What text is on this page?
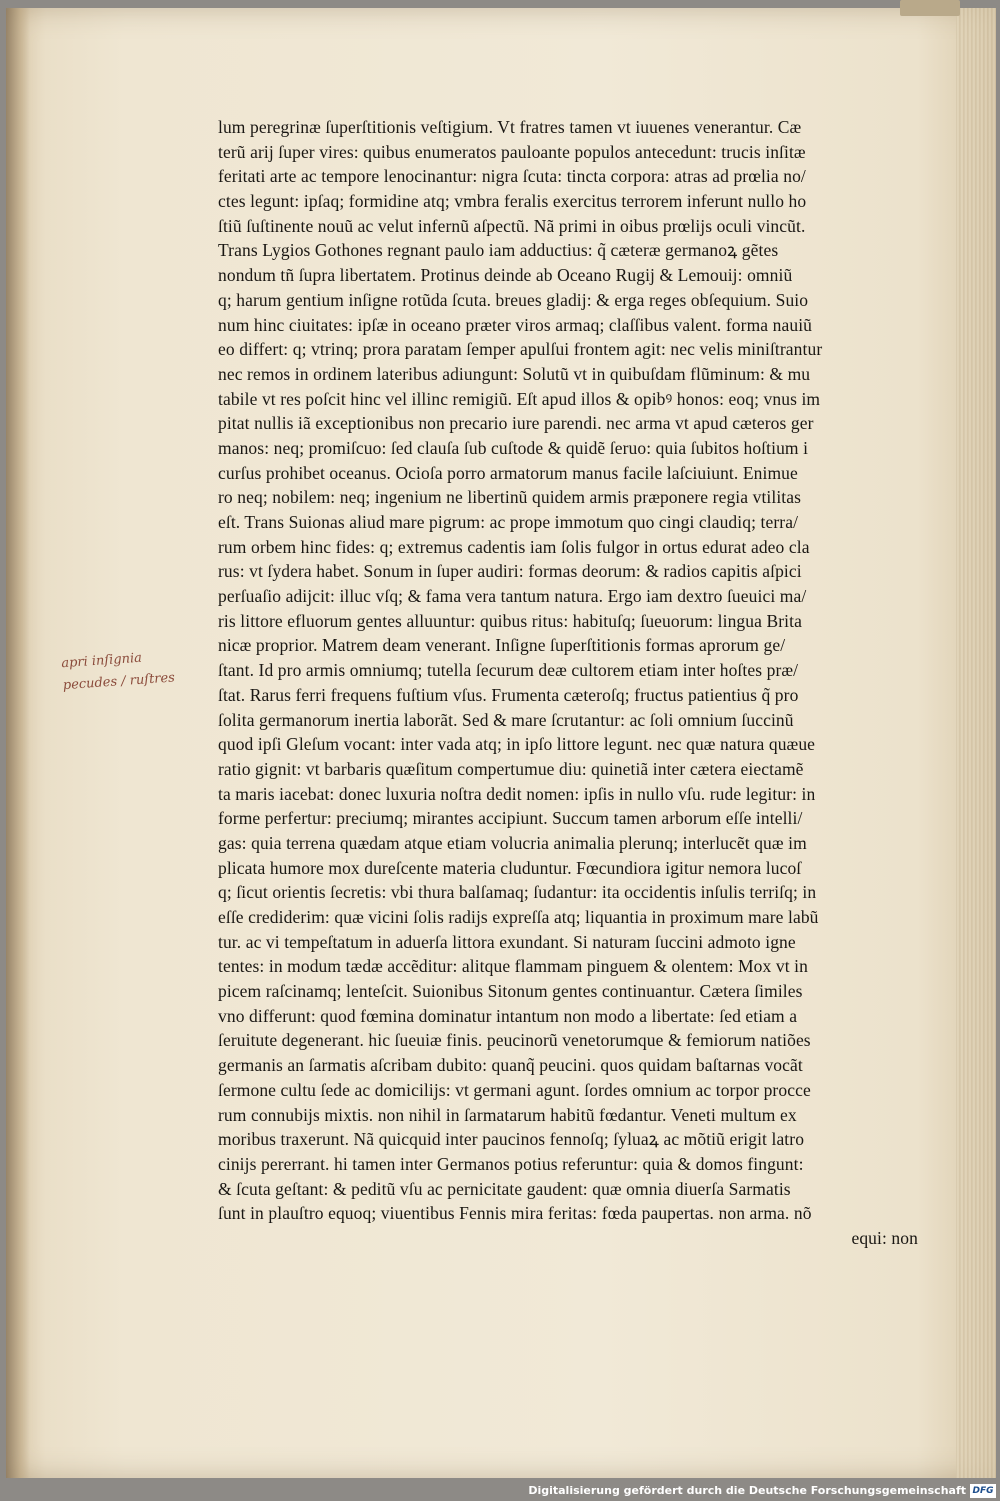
lum peregrinæ ſuperſtitionis veſtigium. Vt fratres tamen vt iuuenes venerantur. Cæ
terũ arij ſuper vires: quibus enumeratos pauloante populos antecedunt: trucis inſitæ
feritati arte ac tempore lenocinantur: nigra ſcuta: tincta corpora: atras ad prœlia no/
ctes legunt: ipſaq; formidine atq; vmbra feralis exercitus terrorem inferunt nullo ho
ſtiũ ſuſtinente nouũ ac velut infernũ aſpectũ. Nã primi in oibus prœlijs oculi vincũt.
Trans Lygios Gothones regnant paulo iam adductius: q̃ cæteræ germanoꝝ gẽtes
nondum tñ ſupra libertatem. Protinus deinde ab Oceano Rugij & Lemouij: omniũ
q; harum gentium inſigne rotũda ſcuta. breues gladij: & erga reges obſequium. Suio
num hinc ciuitates: ipſæ in oceano præter viros armaq; claſſibus valent. forma nauiũ
eo differt: q; vtrinq; prora paratam ſemper apulſui frontem agit: nec velis miniſtrantur
nec remos in ordinem lateribus adiungunt: Solutũ vt in quibuſdam flũminum: & mu
tabile vt res poſcit hinc vel illinc remigiũ. Eſt apud illos & opibꝰ honos: eoq; vnus im
pitat nullis iã exceptionibus non precario iure parendi. nec arma vt apud cæteros ger
manos: neq; promiſcuo: ſed clauſa ſub cuſtode & quidẽ ſeruo: quia ſubitos hoſtium i
curſus prohibet oceanus. Ocioſa porro armatorum manus facile laſciuiunt. Enimue
ro neq; nobilem: neq; ingenium ne libertinũ quidem armis præponere regia vtilitas
eſt. Trans Suionas aliud mare pigrum: ac prope immotum quo cingi claudiq; terra/
rum orbem hinc fides: q; extremus cadentis iam ſolis fulgor in ortus edurat adeo cla
rus: vt ſydera habet. Sonum in ſuper audiri: formas deorum: & radios capitis aſpici
perſuaſio adijcit: illuc vſq; & fama vera tantum natura. Ergo iam dextro ſueuici ma/
ris littore efluorum gentes alluuntur: quibus ritus: habituſq; ſueuorum: lingua Brita
nicæ proprior. Matrem deam venerant. Inſigne ſuperſtitionis formas aprorum ge/
ſtant. Id pro armis omniumq; tutella ſecurum deæ cultorem etiam inter hoſtes præ/
ſtat. Rarus ferri frequens fuſtium vſus. Frumenta cæteroſq; fructus patientius q̃ pro
ſolita germanorum inertia laborãt. Sed & mare ſcrutantur: ac ſoli omnium ſuccinũ
quod ipſi Gleſum vocant: inter vada atq; in ipſo littore legunt. nec quæ natura quæue
ratio gignit: vt barbaris quæſitum compertumue diu: quinetiã inter cætera eiectamẽ
ta maris iacebat: donec luxuria noſtra dedit nomen: ipſis in nullo vſu. rude legitur: in
forme perfertur: preciumq; mirantes accipiunt. Succum tamen arborum eſſe intelli/
gas: quia terrena quædam atque etiam volucria animalia plerunq; interlucẽt quæ im
plicata humore mox dureſcente materia cluduntur. Fœcundiora igitur nemora lucoſ
q; ſicut orientis ſecretis: vbi thura balſamaq; ſudantur: ita occidentis inſulis terriſq; in
eſſe crediderim: quæ vicini ſolis radijs expreſſa atq; liquantia in proximum mare labũ
tur. ac vi tempeſtatum in aduerſa littora exundant. Si naturam ſuccini admoto igne
tentes: in modum tædæ accẽditur: alitque flammam pinguem & olentem: Mox vt in
picem raſcinamq; lenteſcit. Suionibus Sitonum gentes continuantur. Cætera ſimiles
vno differunt: quod fœmina dominatur intantum non modo a libertate: ſed etiam a
ſeruitute degenerant. hic ſueuiæ finis. peucinorũ venetorumque & femiorum natiões
germanis an ſarmatis aſcribam dubito: quanq̃ peucini. quos quidam baſtarnas vocãt
ſermone cultu ſede ac domicilijs: vt germani agunt. ſordes omnium ac torpor procce
rum connubijs mixtis. non nihil in ſarmatarum habitũ fœdantur. Veneti multum ex
moribus traxerunt. Nã quicquid inter paucinos fennoſq; ſyluaꝝ ac mõtiũ erigit latro
cinijs pererrant. hi tamen inter Germanos potius referuntur: quia & domos fingunt:
& ſcuta geſtant: & peditũ vſu ac pernicitate gaudent: quæ omnia diuerſa Sarmatis
ſunt in plauſtro equoq; viuentibus Fennis mira feritas: fœda paupertas. non arma. nõ
equi: non
apri inſignia
pecudes / ruſtres
Digitalisierung gefördert durch die Deutsche Forschungsgemeinschaft DFG
